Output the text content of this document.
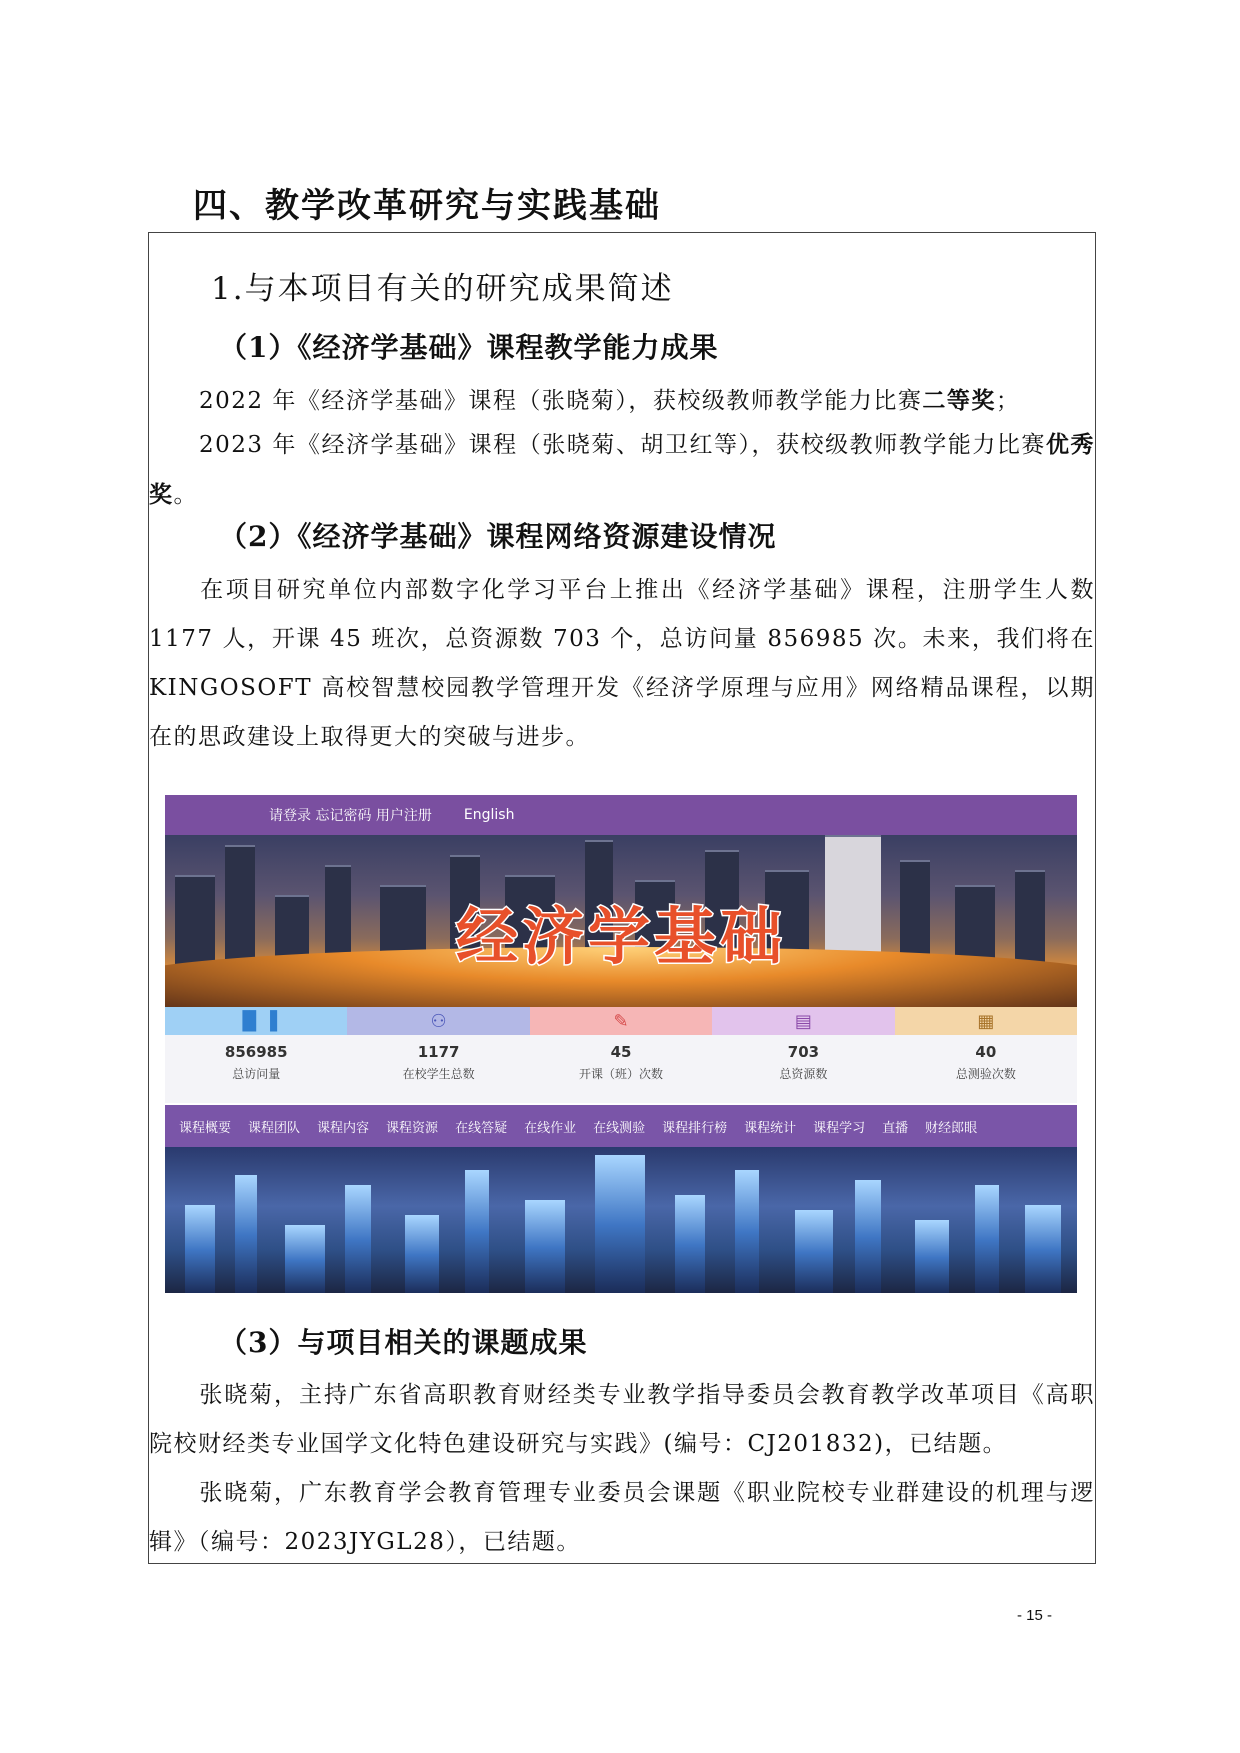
四、教学改革研究与实践基础
1.与本项目有关的研究成果简述
（1）《经济学基础》课程教学能力成果
2022 年《经济学基础》课程（张晓菊），获校级教师教学能力比赛二等奖；
2023 年《经济学基础》课程（张晓菊、胡卫红等），获校级教师教学能力比赛优秀奖。
（2）《经济学基础》课程网络资源建设情况
在项目研究单位内部数字化学习平台上推出《经济学基础》课程，注册学生人数 1177 人，开课 45 班次，总资源数 703 个，总访问量 856985 次。未来，我们将在 KINGOSOFT 高校智慧校园教学管理开发《经济学原理与应用》网络精品课程，以期在的思政建设上取得更大的突破与进步。
请登录 忘记密码 用户注册 English
经济学基础
▐▌▐
856985
总访问量
⚇
1177
在校学生总数
✎
45
开课（班）次数
▤
703
总资源数
▦
40
总测验次数
课程概要 课程团队 课程内容 课程资源 在线答疑 在线作业 在线测验 课程排行榜 课程统计 课程学习 直播 财经郎眼
（3）与项目相关的课题成果
张晓菊，主持广东省高职教育财经类专业教学指导委员会教育教学改革项目《高职院校财经类专业国学文化特色建设研究与实践》(编号：CJ201832)，已结题。
张晓菊，广东教育学会教育管理专业委员会课题《职业院校专业群建设的机理与逻辑》（编号：2023JYGL28），已结题。
- 15 -
